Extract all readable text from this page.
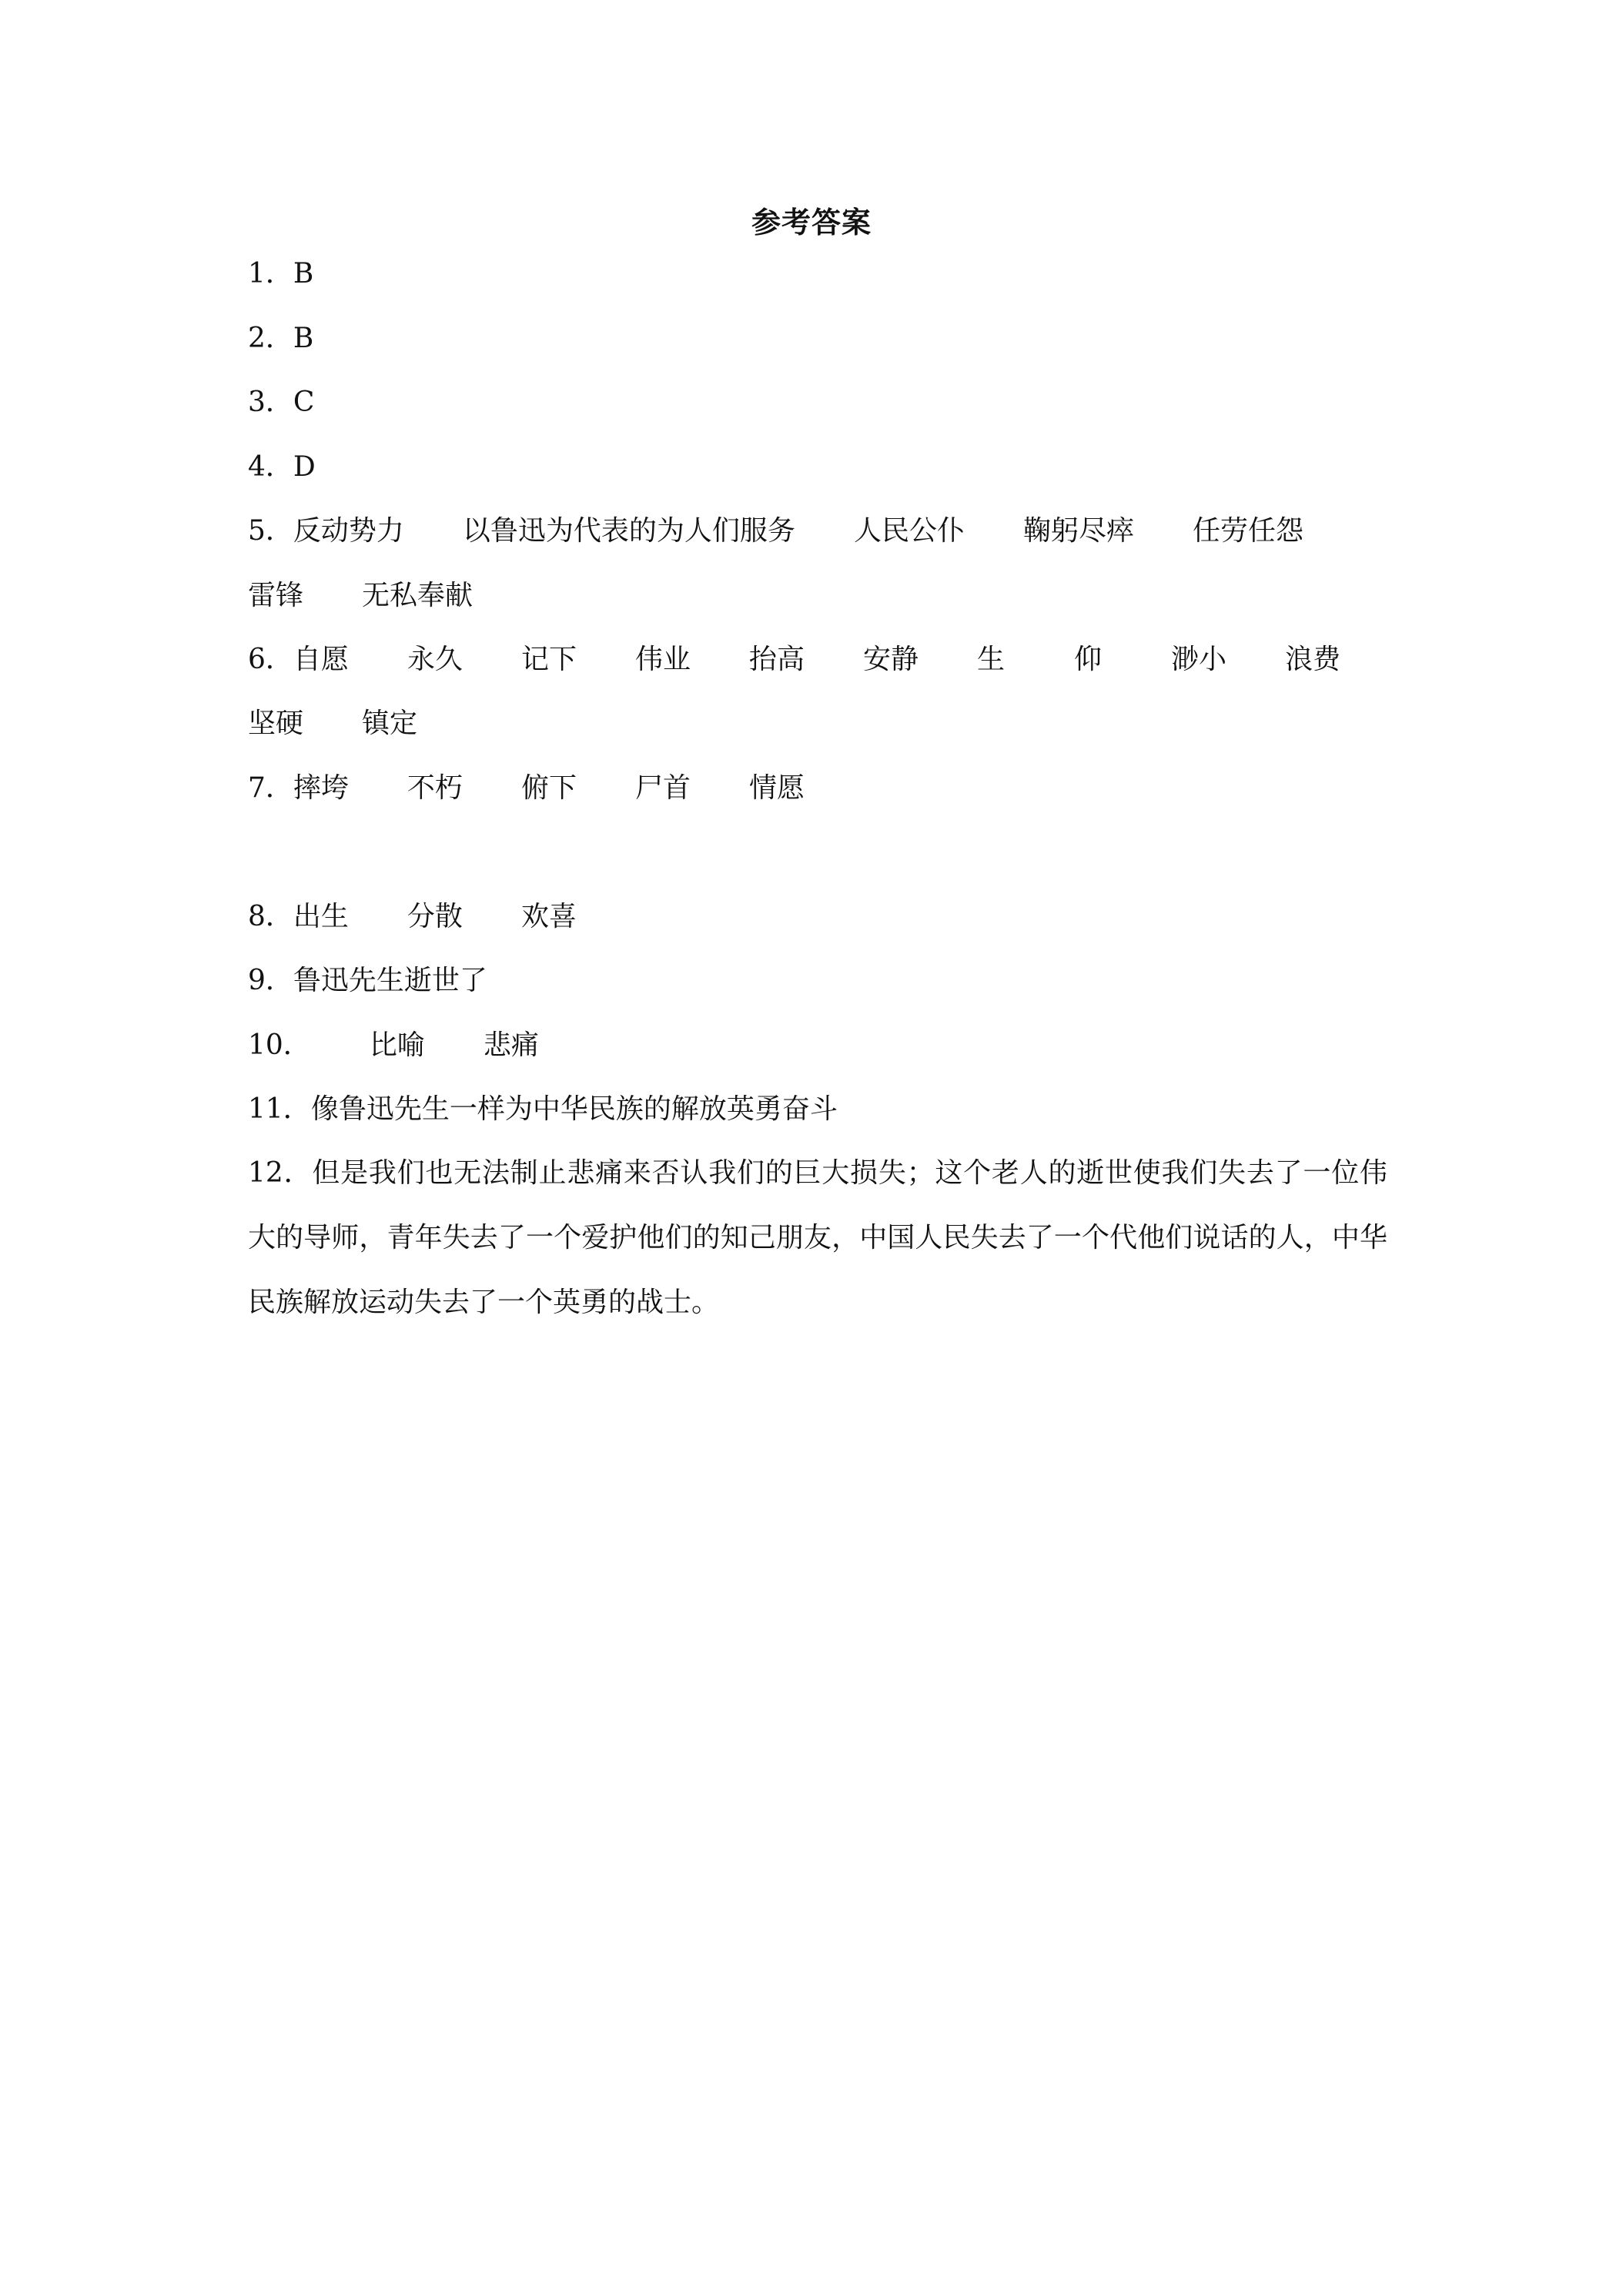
参考答案
1．B
2．B
3．C
4．D
5．反动势力 以鲁迅为代表的为人们服务 人民公仆 鞠躬尽瘁 任劳任怨
雷锋 无私奉献
6．自愿 永久 记下 伟业 抬高 安静 生	仰	渺小 浪费
坚硬 镇定
7．摔垮 不朽 俯下 尸首 情愿
8．出生 分散 欢喜
9．鲁迅先生逝世了
10． 比喻 悲痛
11．像鲁迅先生一样为中华民族的解放英勇奋斗
12．但是我们也无法制止悲痛来否认我们的巨大损失；这个老人的逝世使我们失去了一位伟大的导师，青年失去了一个爱护他们的知己朋友，中国人民失去了一个代他们说话的人，中华民族解放运动失去了一个英勇的战士。
